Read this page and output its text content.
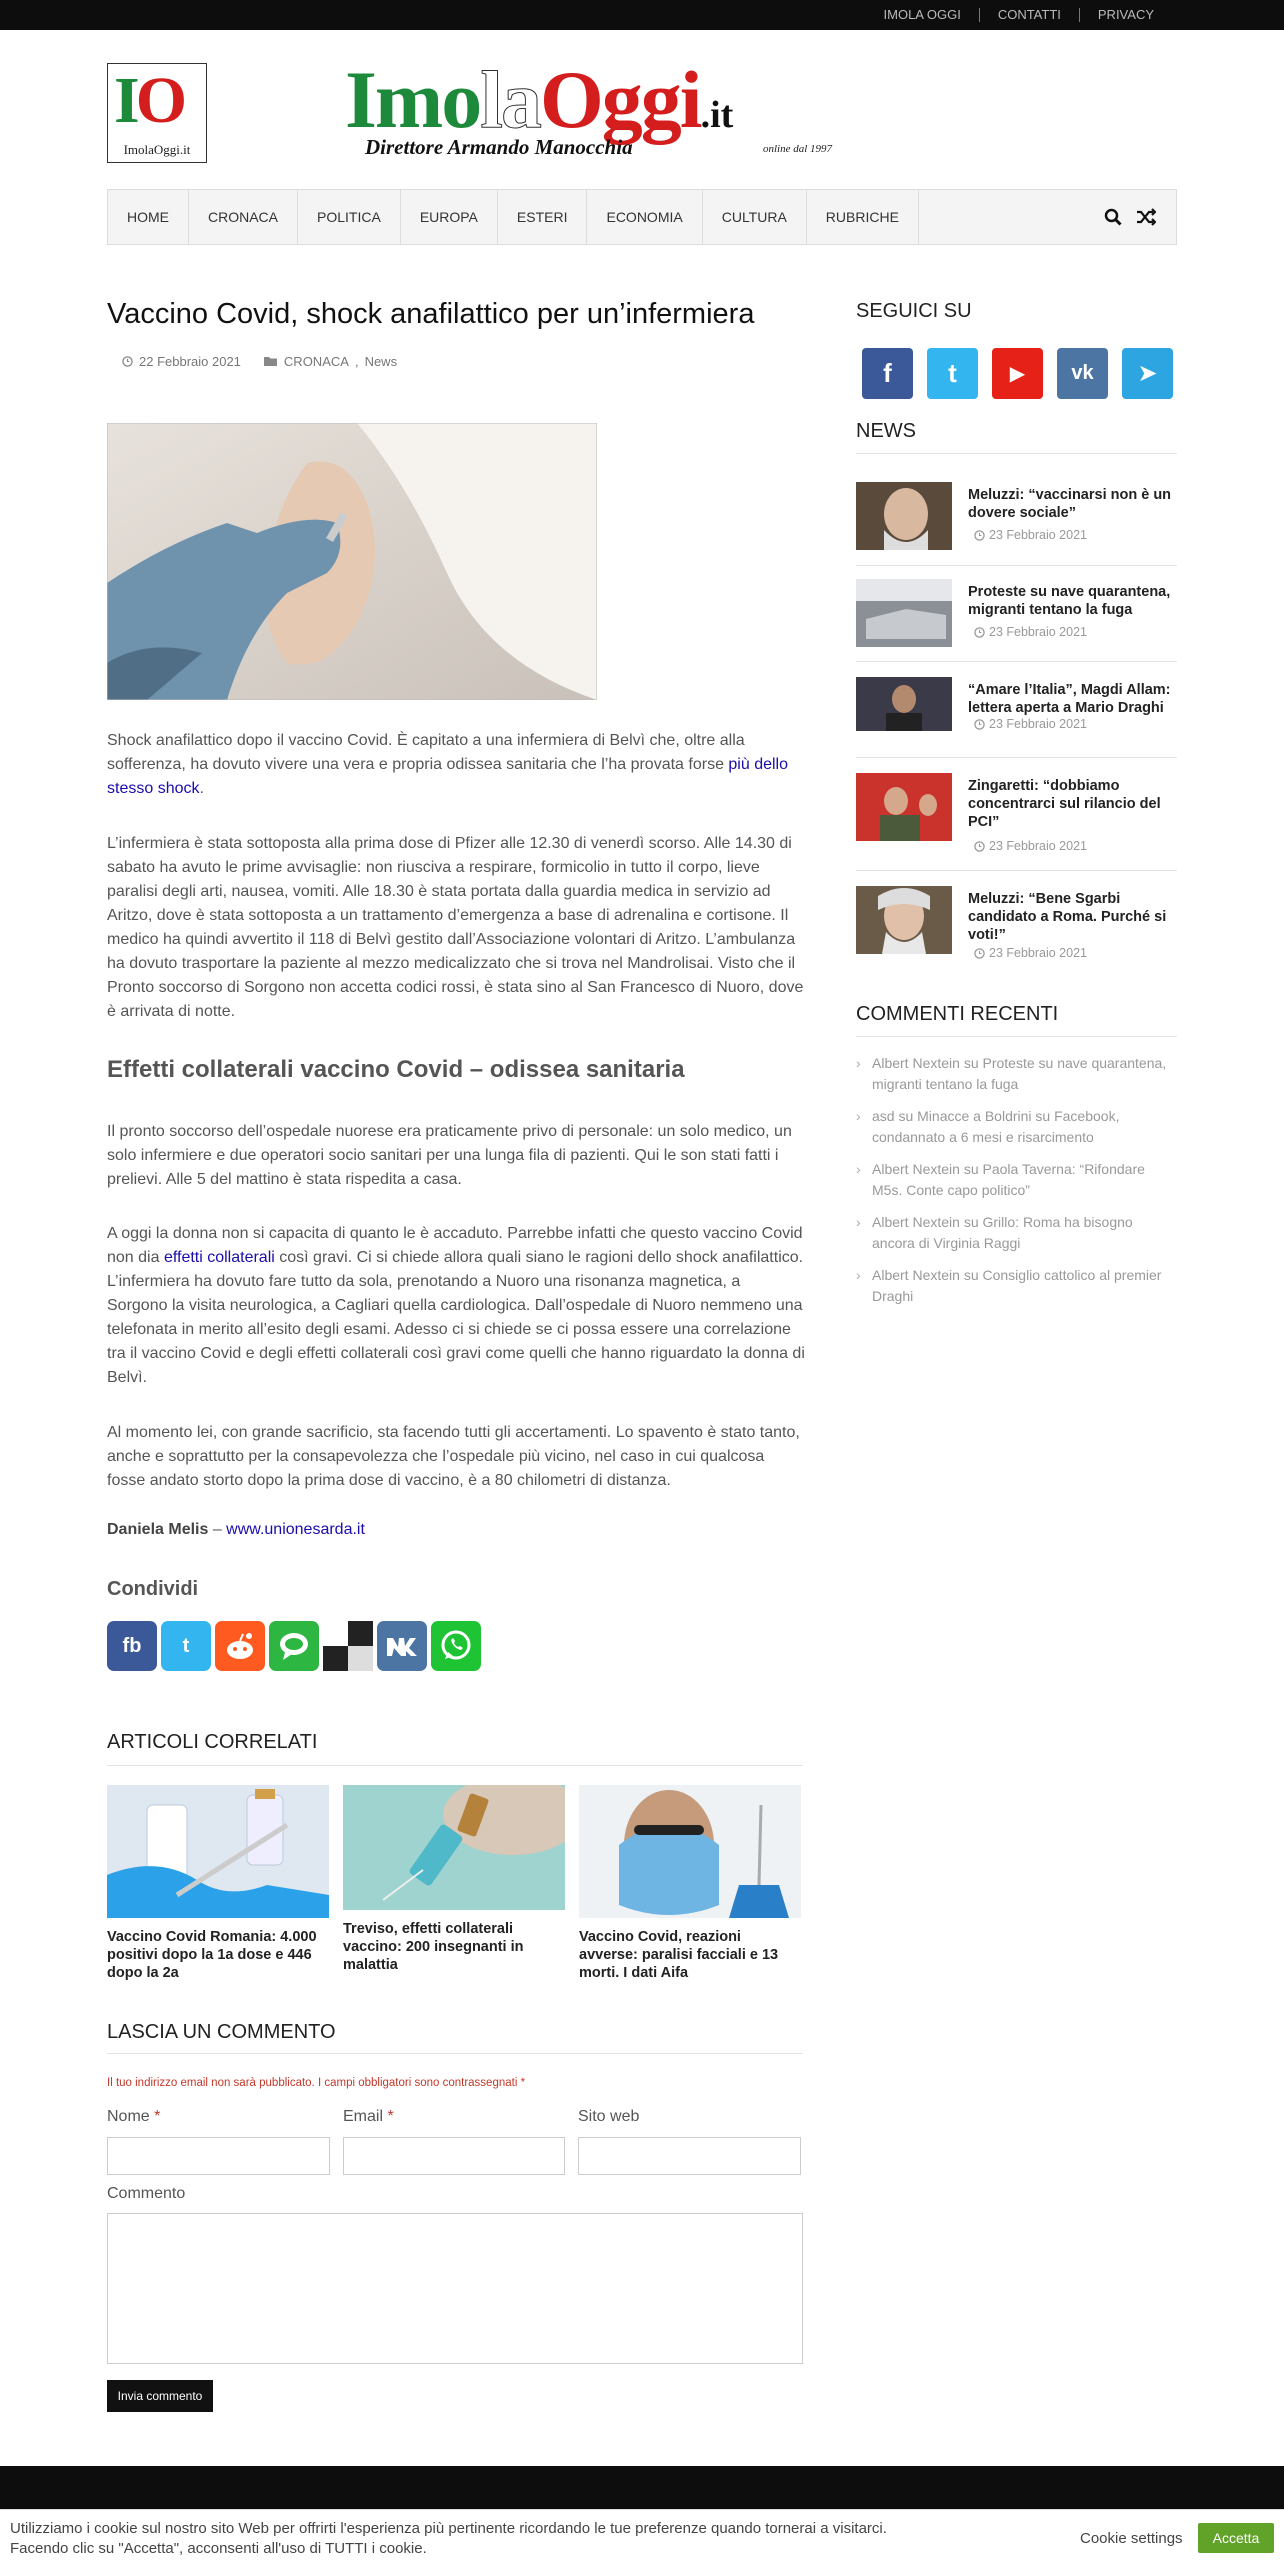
IMOLA OGGI	CONTATTI	PRIVACY
IO
ImolaOggi.it
ImolaOggi.it
Direttore Armando Manocchia	online dal 1997
HOME	CRONACA	POLITICA	EUROPA	ESTERI	ECONOMIA	CULTURA	RUBRICHE
Vaccino Covid, shock anafilattico per un’infermiera
22 Febbraio 2021	CRONACA , News

Shock anafilattico dopo il vaccino Covid. È capitato a una infermiera di Belvì che, oltre alla sofferenza, ha dovuto vivere una vera e propria odissea sanitaria che l’ha provata forse più dello stesso shock.

L’infermiera è stata sottoposta alla prima dose di Pfizer alle 12.30 di venerdì scorso. Alle 14.30 di sabato ha avuto le prime avvisaglie: non riusciva a respirare, formicolio in tutto il corpo, lieve paralisi degli arti, nausea, vomiti. Alle 18.30 è stata portata dalla guardia medica in servizio ad Aritzo, dove è stata sottoposta a un trattamento d’emergenza a base di adrenalina e cortisone. Il medico ha quindi avvertito il 118 di Belvì gestito dall’Associazione volontari di Aritzo. L’ambulanza ha dovuto trasportare la paziente al mezzo medicalizzato che si trova nel Mandrolisai. Visto che il Pronto soccorso di Sorgono non accetta codici rossi, è stata sino al San Francesco di Nuoro, dove è arrivata di notte.

Effetti collaterali vaccino Covid – odissea sanitaria

Il pronto soccorso dell’ospedale nuorese era praticamente privo di personale: un solo medico, un solo infermiere e due operatori socio sanitari per una lunga fila di pazienti. Qui le son stati fatti i prelievi. Alle 5 del mattino è stata rispedita a casa.

A oggi la donna non si capacita di quanto le è accaduto. Parrebbe infatti che questo vaccino Covid non dia effetti collaterali così gravi. Ci si chiede allora quali siano le ragioni dello shock anafilattico. L’infermiera ha dovuto fare tutto da sola, prenotando a Nuoro una risonanza magnetica, a Sorgono la visita neurologica, a Cagliari quella cardiologica. Dall’ospedale di Nuoro nemmeno una telefonata in merito all’esito degli esami. Adesso ci si chiede se ci possa essere una correlazione tra il vaccino Covid e degli effetti collaterali così gravi come quelli che hanno riguardato la donna di Belvì.

Al momento lei, con grande sacrificio, sta facendo tutti gli accertamenti. Lo spavento è stato tanto, anche e soprattutto per la consapevolezza che l’ospedale più vicino, nel caso in cui qualcosa fosse andato storto dopo la prima dose di vaccino, è a 80 chilometri di distanza.

Daniela Melis – www.unionesarda.it
Condividi
fb t
ARTICOLI CORRELATI
Vaccino Covid Romania: 4.000 positivi dopo la 1a dose e 446 dopo la 2a
Treviso, effetti collaterali vaccino: 200 insegnanti in malattia
Vaccino Covid, reazioni avverse: paralisi facciali e 13 morti. I dati Aifa
LASCIA UN COMMENTO
Il tuo indirizzo email non sarà pubblicato. I campi obbligatori sono contrassegnati *
Nome *	Email *	Sito web
Commento
Invia commento
SEGUICI SU
f t	▶ vk ➤
NEWS
Meluzzi: “vaccinarsi non è un dovere sociale”
23 Febbraio 2021
Proteste su nave quarantena, migranti tentano la fuga
23 Febbraio 2021
“Amare l’Italia”, Magdi Allam: lettera aperta a Mario Draghi
23 Febbraio 2021
Zingaretti: “dobbiamo concentrarci sul rilancio del PCI”
23 Febbraio 2021
Meluzzi: “Bene Sgarbi candidato a Roma. Purché si voti!”
23 Febbraio 2021
COMMENTI RECENTI
› Albert Nextein su Proteste su nave quarantena, migranti tentano la fuga
› asd su Minacce a Boldrini su Facebook, condannato a 6 mesi e risarcimento
› Albert Nextein su Paola Taverna: “Rifondare M5s. Conte capo politico”
› Albert Nextein su Grillo: Roma ha bisogno ancora di Virginia Raggi
› Albert Nextein su Consiglio cattolico al premier Draghi
Utilizziamo i cookie sul nostro sito Web per offrirti l'esperienza più pertinente ricordando le tue preferenze quando tornerai a visitarci. Facendo clic su "Accetta", acconsenti all'uso di TUTTI i cookie.
Cookie settings	Accetta
